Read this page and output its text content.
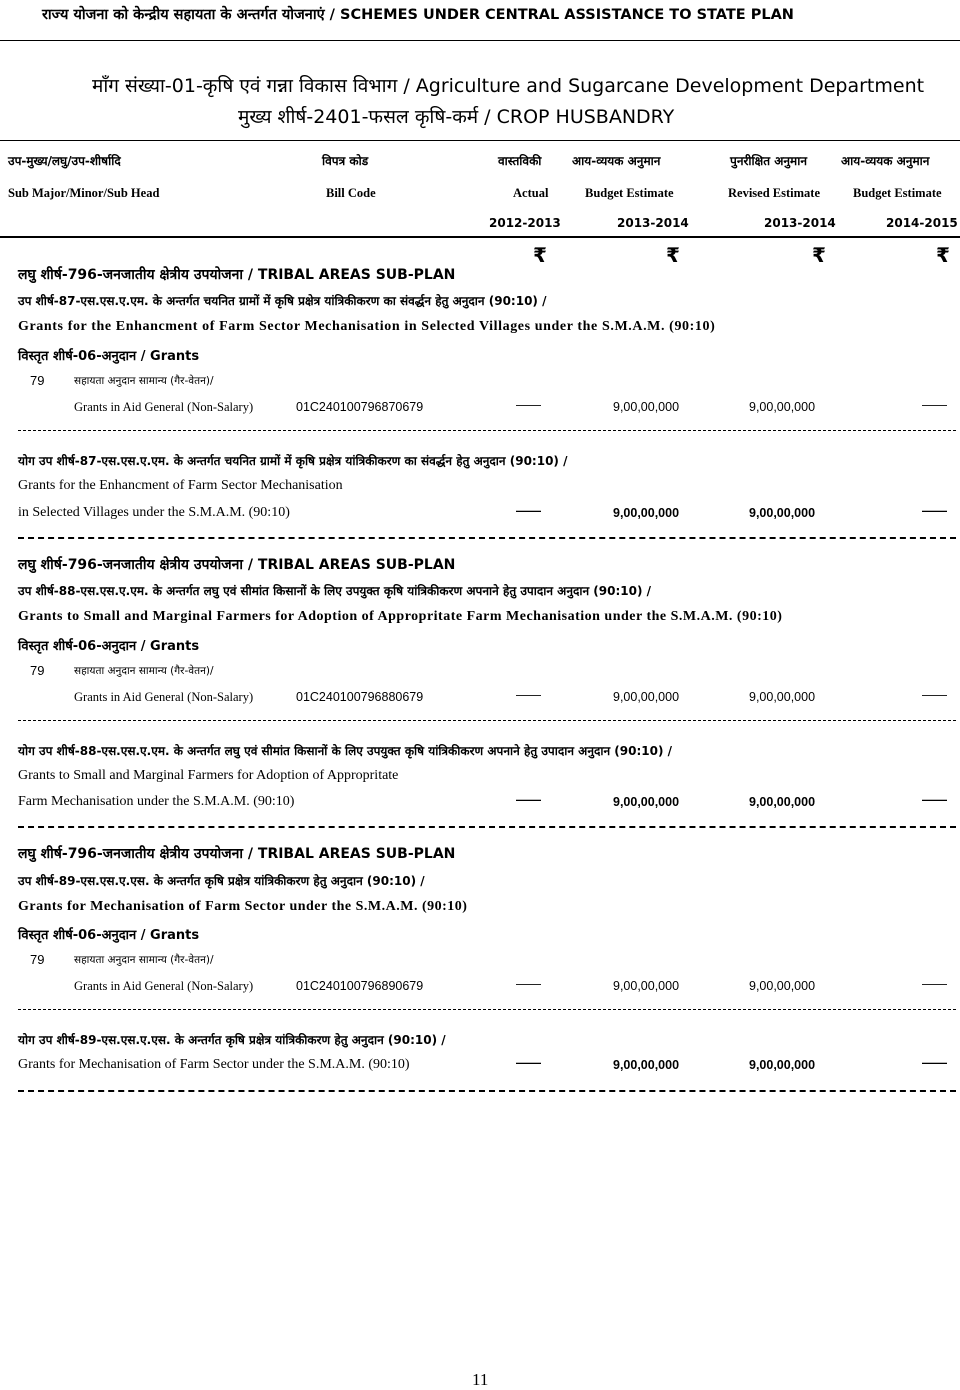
राज्य योजना को केन्द्रीय सहायता के अन्तर्गत योजनाएं / SCHEMES UNDER CENTRAL ASSISTANCE TO STATE PLAN
माँग संख्या-01-कृषि एवं गन्ना विकास विभाग / Agriculture and Sugarcane Development Department
मुख्य शीर्ष-2401-फसल कृषि-कर्म / CROP HUSBANDRY
उप-मुख्य/लघु/उप-शीर्षादि	विपत्र कोड	वास्तविकी	आय-व्ययक अनुमान	पुनरीक्षित अनुमान	आय-व्ययक अनुमान
Sub Major/Minor/Sub Head	Bill Code	Actual	Budget Estimate	Revised Estimate	Budget Estimate
2012-2013	2013-2014	2013-2014	2014-2015
₹	₹	₹	₹
लघु शीर्ष-796-जनजातीय क्षेत्रीय उपयोजना / TRIBAL AREAS SUB-PLAN
उप शीर्ष-87-एस.एस.ए.एम. के अन्तर्गत चयनित ग्रामों में कृषि प्रक्षेत्र यांत्रिकीकरण का संवर्द्धन हेतु अनुदान (90:10) /
Grants for the Enhancment of Farm Sector Mechanisation in Selected Villages under the S.M.A.M. (90:10)
विस्तृत शीर्ष-06-अनुदान / Grants
79	सहायता अनुदान सामान्य (गैर-वेतन)/
Grants in Aid General (Non-Salary)	01C240100796870679	——	9,00,00,000	9,00,00,000	——
योग उप शीर्ष-87-एस.एस.ए.एम. के अन्तर्गत चयनित ग्रामों में कृषि प्रक्षेत्र यांत्रिकीकरण का संवर्द्धन हेतु अनुदान (90:10) /
Grants for the Enhancment of Farm Sector Mechanisation
in Selected Villages under the S.M.A.M. (90:10)	——	9,00,00,000	9,00,00,000	——
लघु शीर्ष-796-जनजातीय क्षेत्रीय उपयोजना / TRIBAL AREAS SUB-PLAN
उप शीर्ष-88-एस.एस.ए.एम. के अन्तर्गत लघु एवं सीमांत किसानों के लिए उपयुक्त कृषि यांत्रिकीकरण अपनाने हेतु उपादान अनुदान (90:10) /
Grants to Small and Marginal Farmers for Adoption of Appropritate Farm Mechanisation under the S.M.A.M. (90:10)
विस्तृत शीर्ष-06-अनुदान / Grants
79	सहायता अनुदान सामान्य (गैर-वेतन)/
Grants in Aid General (Non-Salary)	01C240100796880679	——	9,00,00,000	9,00,00,000	——
योग उप शीर्ष-88-एस.एस.ए.एम. के अन्तर्गत लघु एवं सीमांत किसानों के लिए उपयुक्त कृषि यांत्रिकीकरण अपनाने हेतु उपादान अनुदान (90:10) /
Grants to Small and Marginal Farmers for Adoption of Appropritate
Farm Mechanisation under the S.M.A.M. (90:10)	——	9,00,00,000	9,00,00,000	——
लघु शीर्ष-796-जनजातीय क्षेत्रीय उपयोजना / TRIBAL AREAS SUB-PLAN
उप शीर्ष-89-एस.एस.ए.एस. के अन्तर्गत कृषि प्रक्षेत्र यांत्रिकीकरण हेतु अनुदान (90:10) /
Grants for Mechanisation of Farm Sector under the S.M.A.M. (90:10)
विस्तृत शीर्ष-06-अनुदान / Grants
79	सहायता अनुदान सामान्य (गैर-वेतन)/
Grants in Aid General (Non-Salary)	01C240100796890679	——	9,00,00,000	9,00,00,000	——
योग उप शीर्ष-89-एस.एस.ए.एस. के अन्तर्गत कृषि प्रक्षेत्र यांत्रिकीकरण हेतु अनुदान (90:10) /
Grants for Mechanisation of Farm Sector under the S.M.A.M. (90:10)	——	9,00,00,000	9,00,00,000	——
11
